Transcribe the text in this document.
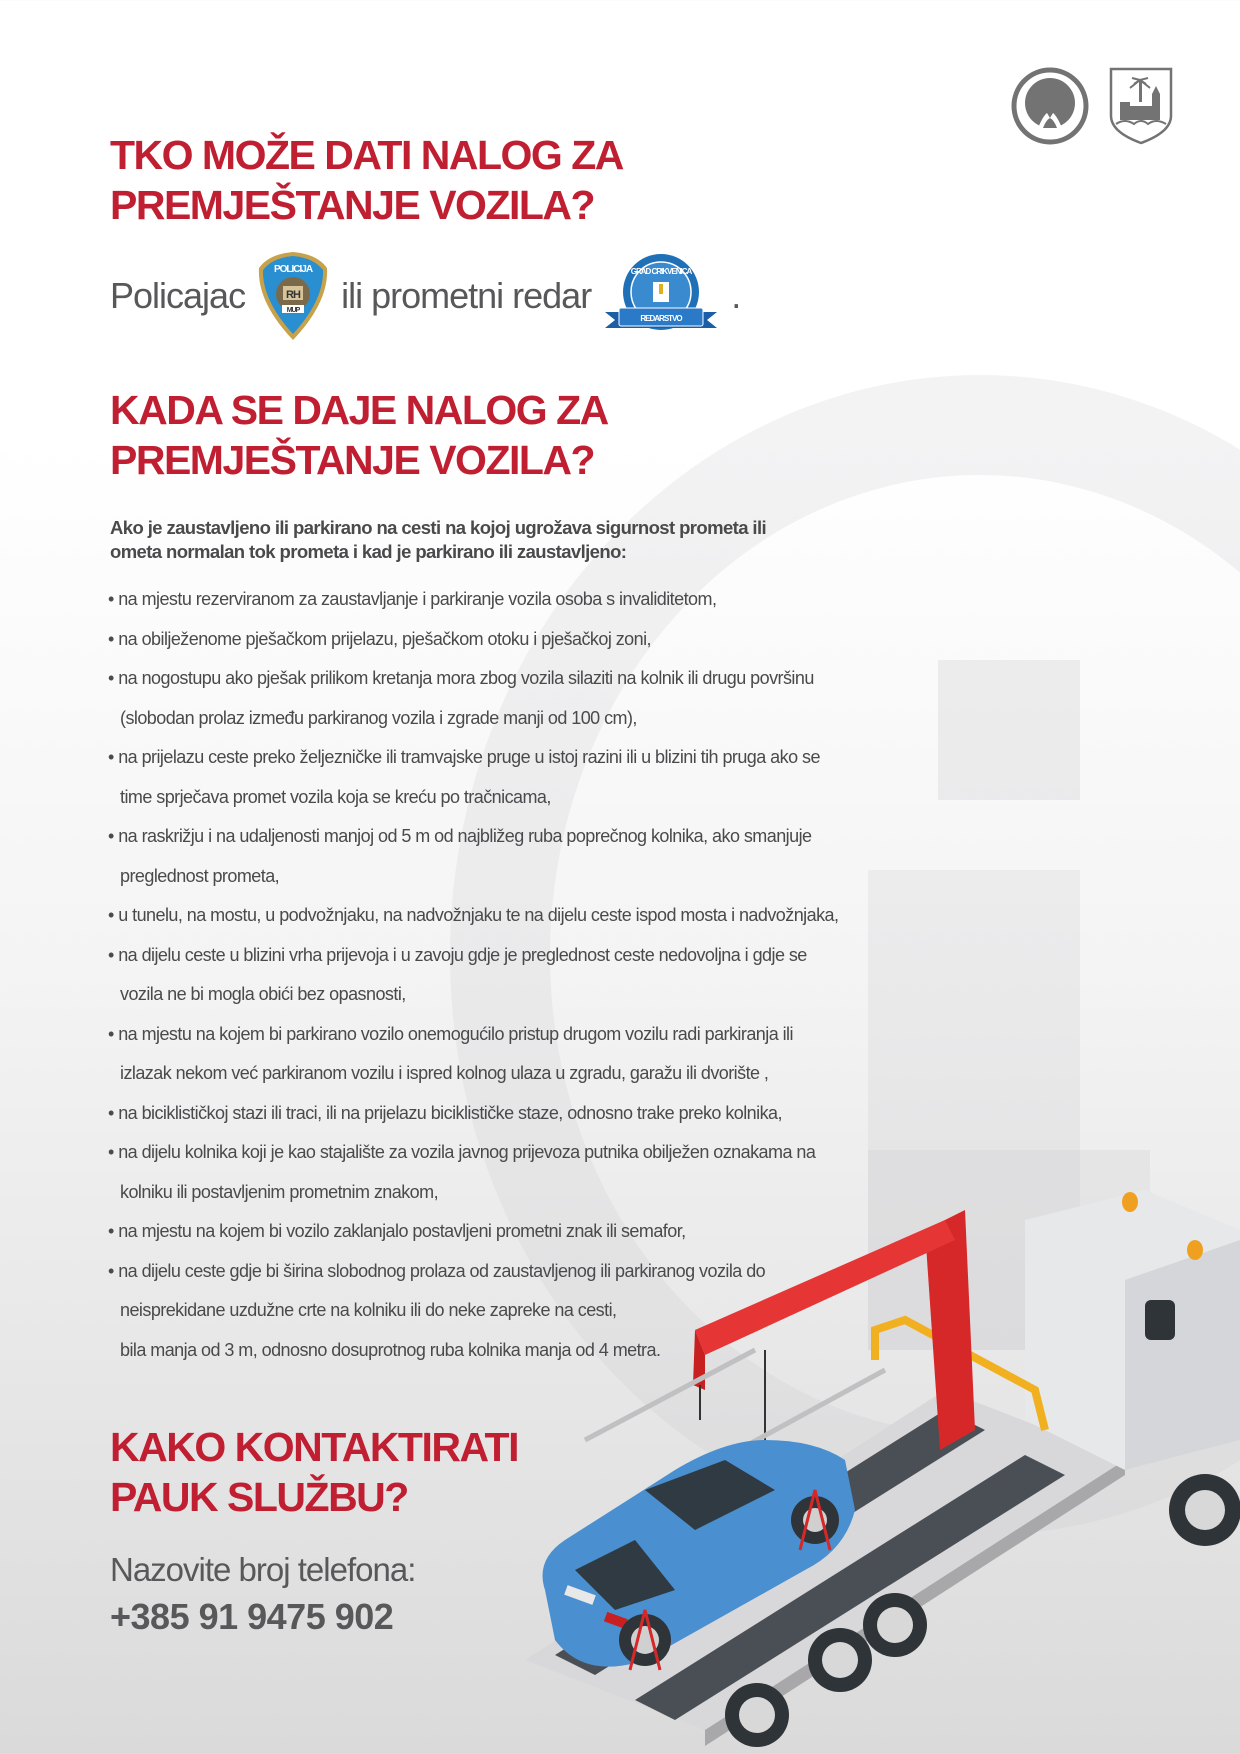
TKO MOŽE DATI NALOG ZA
PREMJEŠTANJE VOZILA?
Policajac
POLICIJA
RH
MUP ili prometni redar
GRAD CRIKVENICA
REDARSTVO
.
KADA SE DAJE NALOG ZA
PREMJEŠTANJE VOZILA?

Ako je zaustavljeno ili parkirano na cesti na kojoj ugrožava sigurnost prometa ili
ometa normalan tok prometa i kad je parkirano ili zaustavljeno:

• na mjestu rezerviranom za zaustavljanje i parkiranje vozila osoba s invaliditetom,
• na obilježenome pješačkom prijelazu, pješačkom otoku i pješačkoj zoni,
• na nogostupu ako pješak prilikom kretanja mora zbog vozila silaziti na kolnik ili drugu površinu
(slobodan prolaz između parkiranog vozila i zgrade manji od 100 cm),
• na prijelazu ceste preko željezničke ili tramvajske pruge u istoj razini ili u blizini tih pruga ako se
time sprječava promet vozila koja se kreću po tračnicama,
• na raskrižju i na udaljenosti manjoj od 5 m od najbližeg ruba poprečnog kolnika, ako smanjuje
preglednost prometa,
• u tunelu, na mostu, u podvožnjaku, na nadvožnjaku te na dijelu ceste ispod mosta i nadvožnjaka,
• na dijelu ceste u blizini vrha prijevoja i u zavoju gdje je preglednost ceste nedovoljna i gdje se
vozila ne bi mogla obići bez opasnosti,
• na mjestu na kojem bi parkirano vozilo onemogućilo pristup drugom vozilu radi parkiranja ili
izlazak nekom već parkiranom vozilu i ispred kolnog ulaza u zgradu, garažu ili dvorište ,
• na biciklističkoj stazi ili traci, ili na prijelazu biciklističke staze, odnosno trake preko kolnika,
• na dijelu kolnika koji je kao stajalište za vozila javnog prijevoza putnika obilježen oznakama na
kolniku ili postavljenim prometnim znakom,
• na mjestu na kojem bi vozilo zaklanjalo postavljeni prometni znak ili semafor,
• na dijelu ceste gdje bi širina slobodnog prolaza od zaustavljenog ili parkiranog vozila do
neisprekidane uzdužne crte na kolniku ili do neke zapreke na cesti,
bila manja od 3 m, odnosno dosuprotnog ruba kolnika manja od 4 metra.
KAKO KONTAKTIRATI
PAUK SLUŽBU?
Nazovite broj telefona:
+385 91 9475 902
